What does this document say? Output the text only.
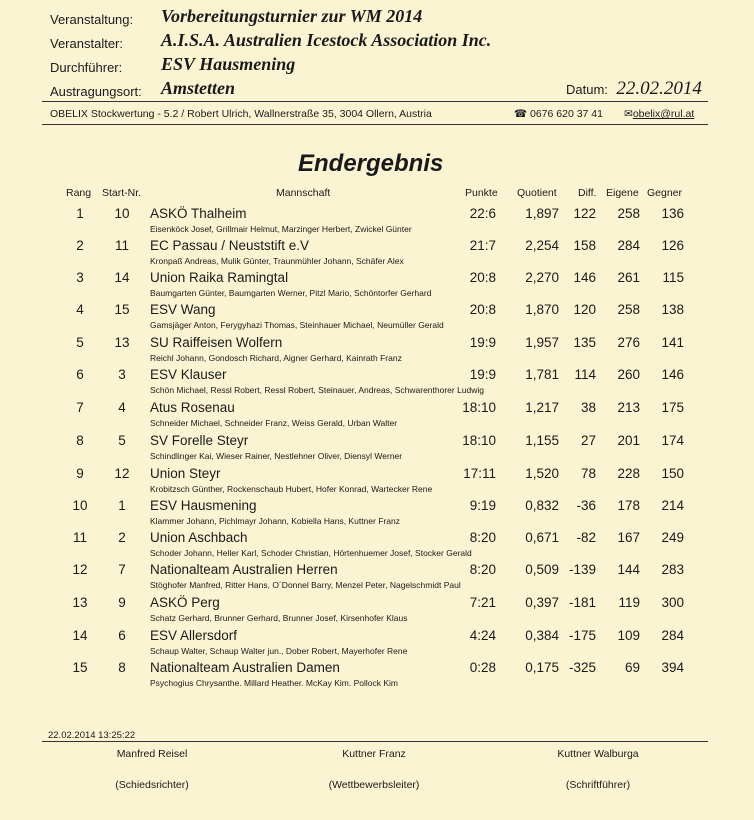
Veranstaltung: Vorbereitungsturnier zur WM 2014
Veranstalter: A.I.S.A. Australien Icestock Association Inc.
Durchführer: ESV Hausmening
Austragungsort: Amstetten	Datum: 22.02.2014
OBELIX Stockwertung - 5.2 / Robert Ulrich, Wallnerstraße 35, 3004 Ollern, Austria	☎ 0676 620 37 41 ✉obelix@rul.at
Endergebnis
Rang Start-Nr.	Mannschaft	Punkte Quotient Diff. Eigene Gegner
1	10	ASKÖ Thalheim	22:6	1,897	122	258	136
Eisenköck Josef, Grillmair Helmut, Marzinger Herbert, Zwickel Günter
2	11	EC Passau / Neuststift e.V	21:7	2,254	158	284	126
Kronpaß Andreas, Mulik Günter, Traunmühler Johann, Schäfer Alex
3	14	Union Raika Ramingtal	20:8	2,270	146	261	115
Baumgarten Günter, Baumgarten Werner, Pitzl Mario, Schöntorfer Gerhard
4	15	ESV Wang	20:8	1,870	120	258	138
Gamsjäger Anton, Ferygyhazi Thomas, Steinhauer Michael, Neumüller Gerald
5	13	SU Raiffeisen Wolfern	19:9	1,957	135	276	141
Reichl Johann, Gondosch Richard, Aigner Gerhard, Kainrath Franz
6	3	ESV Klauser	19:9	1,781	114	260	146
Schön Michael, Ressl Robert, Ressl Robert, Steinauer, Andreas, Schwarenthorer Ludwig
7	4	Atus Rosenau	18:10	1,217	38	213	175
Schneider Michael, Schneider Franz, Weiss Gerald, Urban Walter
8	5	SV Forelle Steyr	18:10	1,155	27	201	174
Schindlinger Kai, Wieser Rainer, Nestlehner Oliver, Diensyl Werner
9	12	Union Steyr	17:11	1,520	78	228	150
Krobitzsch Günther, Rockenschaub Hubert, Hofer Konrad, Wartecker Rene
10	1	ESV Hausmening	9:19	0,832	-36	178	214
Klammer Johann, Pichlmayr Johann, Kobiella Hans, Kuttner Franz
11	2	Union Aschbach	8:20	0,671	-82	167	249
Schoder Johann, Heller Karl, Schoder Christian, Hörtenhuemer Josef, Stocker Gerald
12	7	Nationalteam Australien Herren	8:20	0,509 -139	144	283
Stöghofer Manfred, Ritter Hans, O´Donnel Barry, Menzel Peter, Nagelschmidt Paul
13	9	ASKÖ Perg	7:21	0,397 -181	119	300
Schatz Gerhard, Brunner Gerhard, Brunner Josef, Kirsenhofer Klaus
14	6	ESV Allersdorf	4:24	0,384 -175	109	284
Schaup Walter, Schaup Walter jun., Dober Robert, Mayerhofer Rene
15	8	Nationalteam Australien Damen	0:28	0,175 -325	69	394
Psychogius Chrysanthe. Millard Heather. McKay Kim. Pollock Kim
22.02.2014 13:25:22
Manfred Reisel
(Schiedsrichter)
Kuttner Franz
(Wettbewerbsleiter)
Kuttner Walburga
(Schriftführer)
